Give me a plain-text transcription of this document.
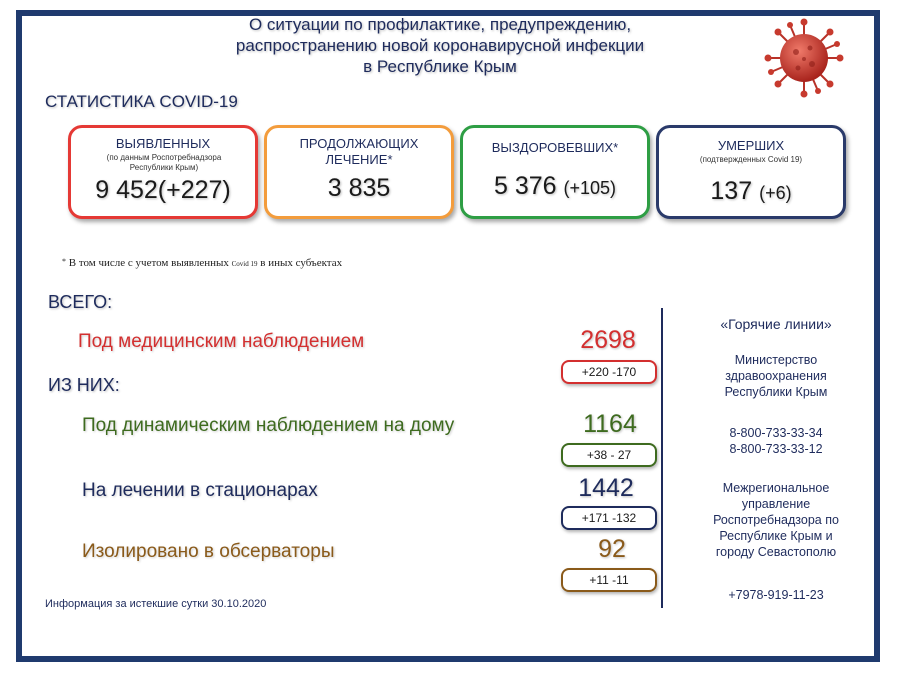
О ситуации по профилактике, предупреждению,
распространению новой коронавирусной инфекции
в Республике Крым
СТАТИСТИКА COVID-19
ВЫЯВЛЕННЫХ
(по данным Роспотребнадзора Республики Крым)
9 452(+227)
ПРОДОЛЖАЮЩИХ ЛЕЧЕНИЕ*
3 835
ВЫЗДОРОВЕВШИХ*
5 376 (+105)
УМЕРШИХ
(подтвержденных Covid 19)
137 (+6)
* В том числе с учетом выявленных Covid 19 в иных субъектах
ВСЕГО:
ИЗ НИХ:
Под медицинским наблюдением	2698
+220 -170
Под динамическим наблюдением на дому	1164
+38 - 27
На лечении в стационарах	1442
+171 -132
Изолировано в обсерваторы	92
+11 -11
«Горячие линии»
Министерство
здравоохранения
Республики Крым
8-800-733-33-34
8-800-733-33-12
Межрегиональное
управление
Роспотребнадзора по
Республике Крым и
городу Севастополю
+7978-919-11-23
Информация за истекшие сутки 30.10.2020
